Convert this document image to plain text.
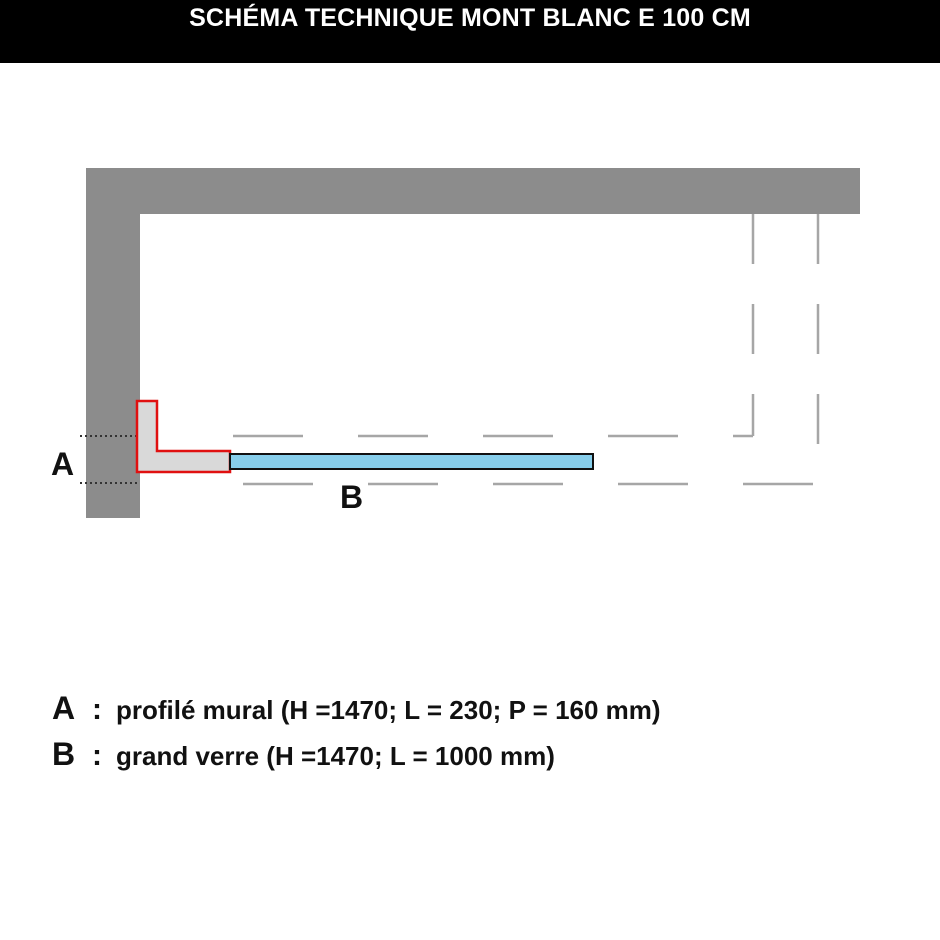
SCHÉMA TECHNIQUE MONT BLANC E 100 CM
A
B
A : profilé mural (H =1470; L = 230; P = 160 mm)
B : grand verre (H =1470; L = 1000 mm)
